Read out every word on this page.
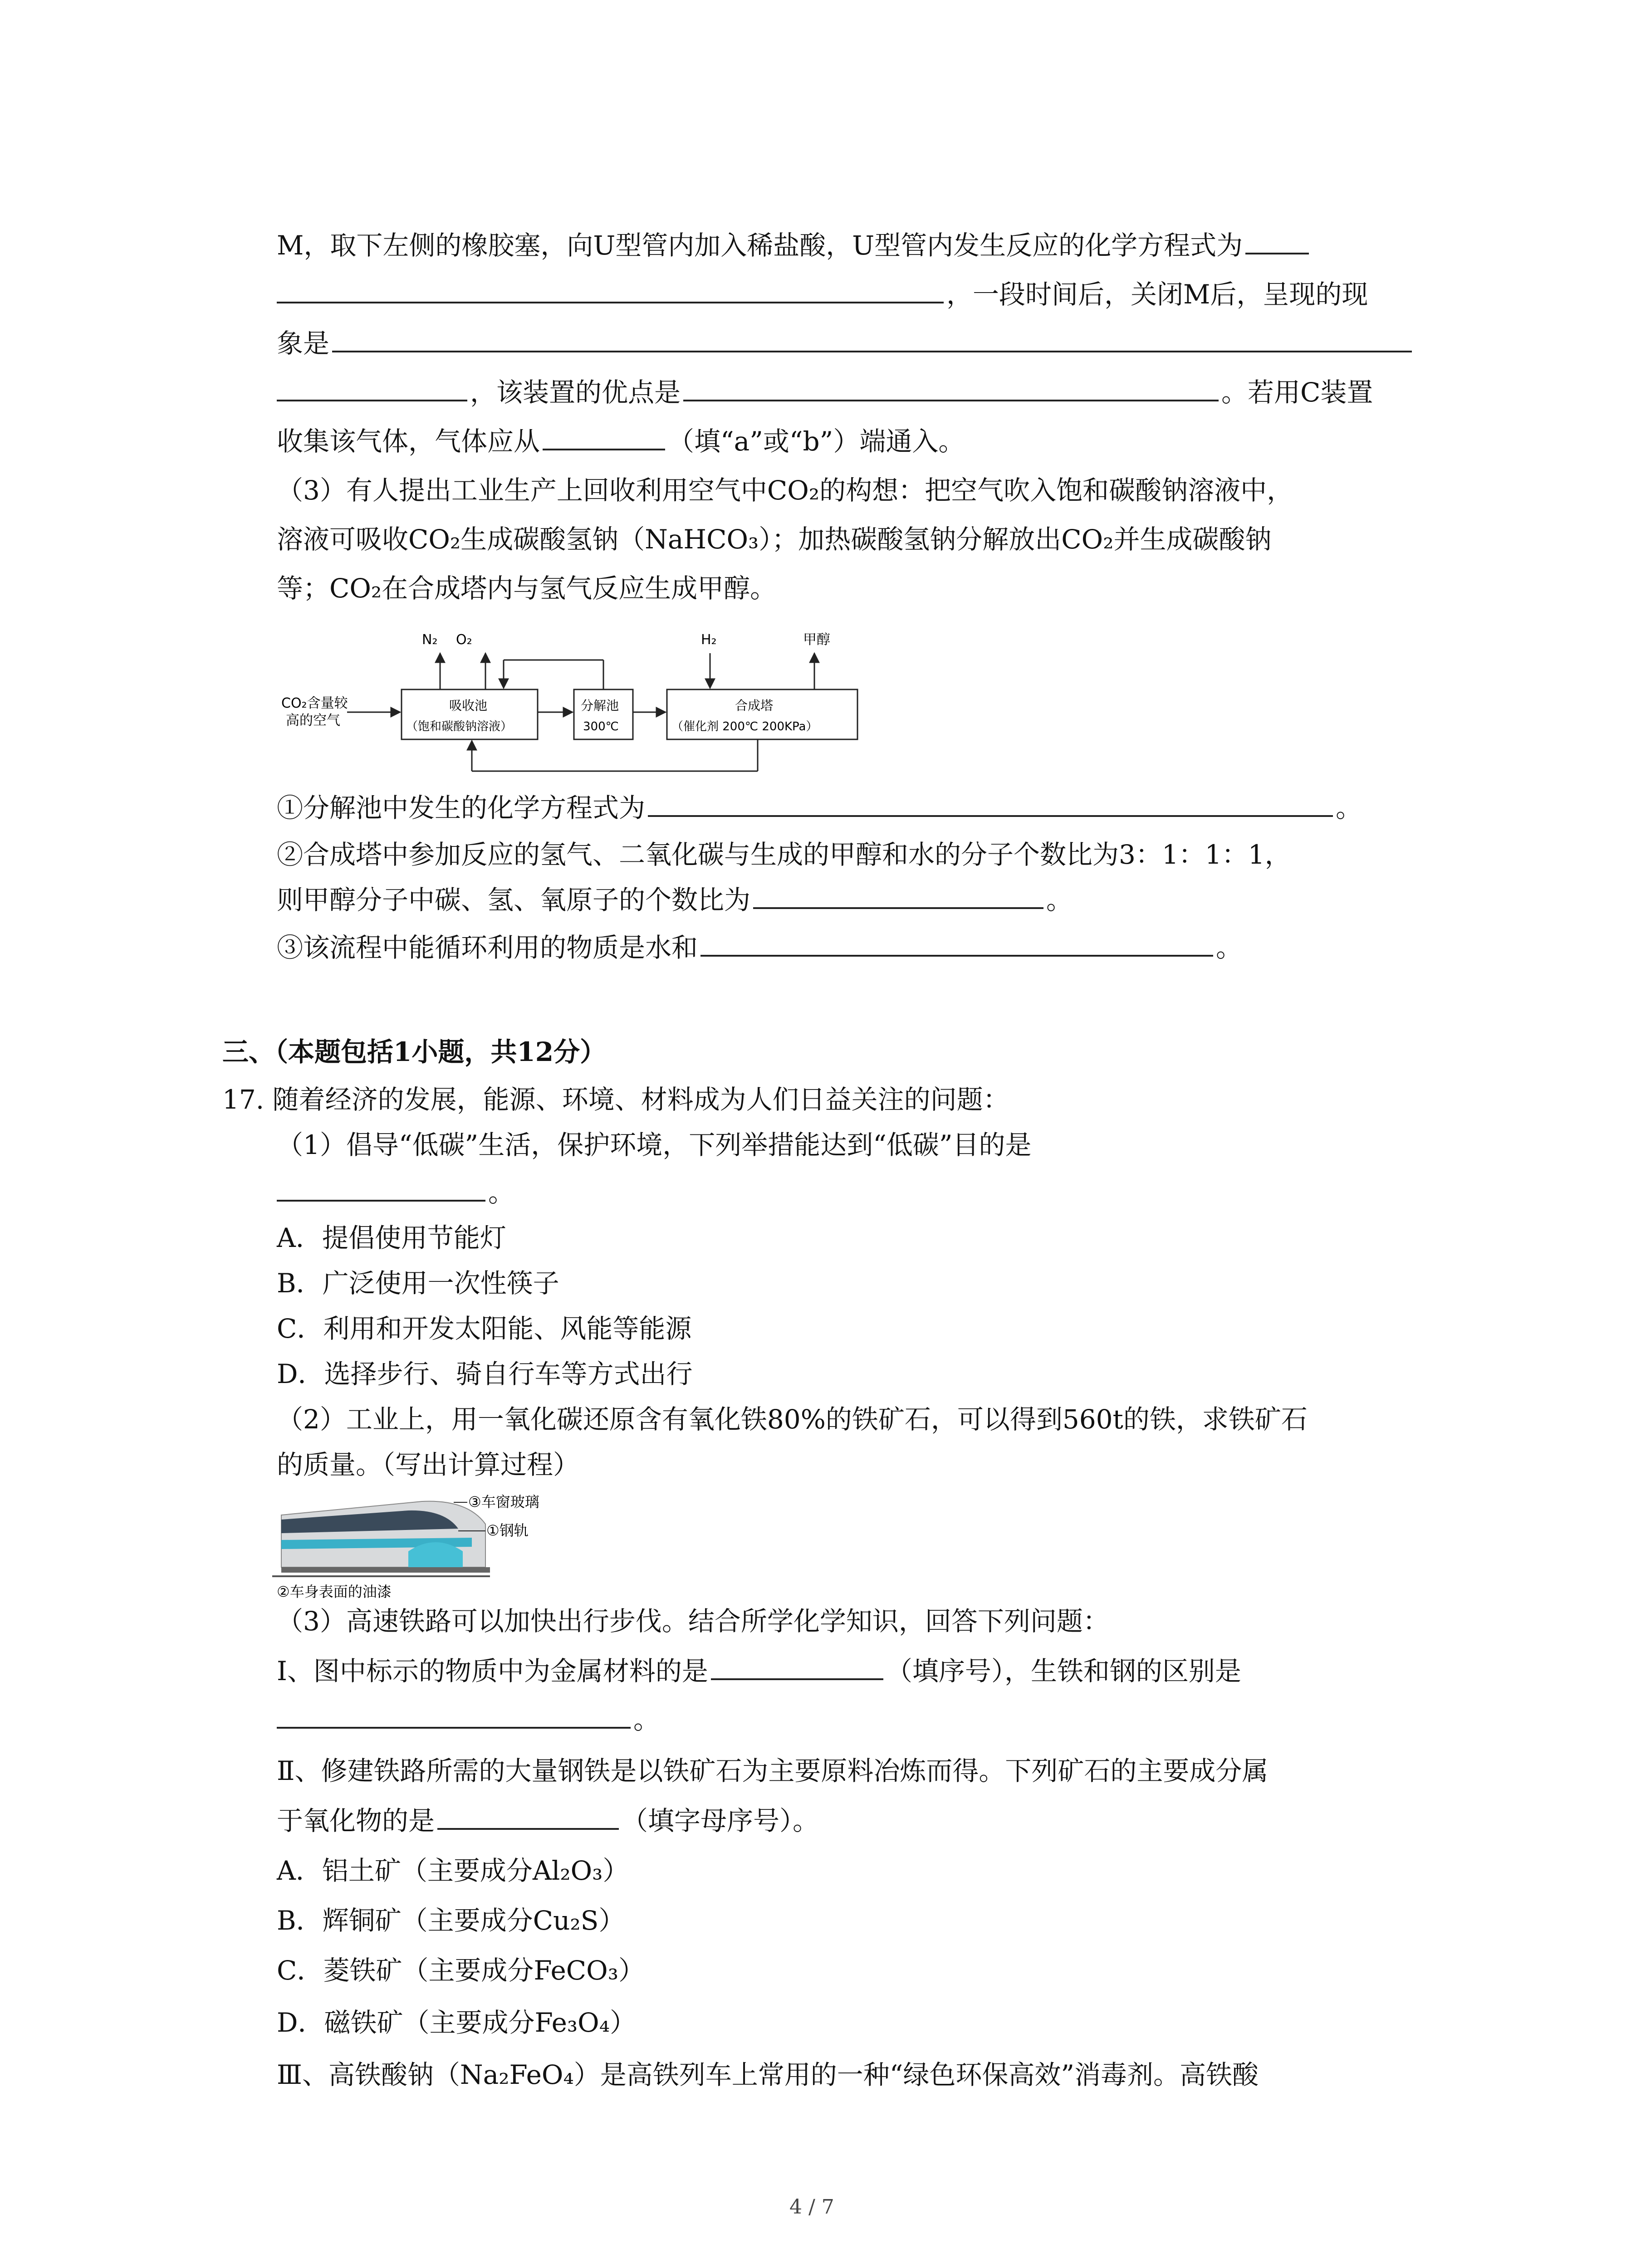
M，取下左侧的橡胶塞，向U型管内加入稀盐酸，U型管内发生反应的化学方程式为
，一段时间后，关闭M后，呈现的现
象是
，该装置的优点是	。若用C装置
收集该气体，气体应从	（填“a”或“b”）端通入。
（3）有人提出工业生产上回收利用空气中CO₂的构想：把空气吹入饱和碳酸钠溶液中，
溶液可吸收CO₂生成碳酸氢钠（NaHCO₃）；加热碳酸氢钠分解放出CO₂并生成碳酸钠
等；CO₂在合成塔内与氢气反应生成甲醇。
N₂ O₂	H₂	甲醇
CO₂含量较
高的空气
吸收池
（饱和碳酸钠溶液）
分解池
300℃
合成塔
（催化剂 200℃ 200KPa）
①分解池中发生的化学方程式为	。
②合成塔中参加反应的氢气、二氧化碳与生成的甲醇和水的分子个数比为3：1：1：1，
则甲醇分子中碳、氢、氧原子的个数比为	。
③该流程中能循环利用的物质是水和	。
三、（本题包括1小题，共12分）
17. 随着经济的发展，能源、环境、材料成为人们日益关注的问题：
（1）倡导“低碳”生活，保护环境，下列举措能达到“低碳”目的是
。
A．提倡使用节能灯
B．广泛使用一次性筷子
C．利用和开发太阳能、风能等能源
D．选择步行、骑自行车等方式出行
（2）工业上，用一氧化碳还原含有氧化铁80%的铁矿石，可以得到560t的铁，求铁矿石
的质量。（写出计算过程）
③车窗玻璃
①钢轨
②车身表面的油漆
（3）高速铁路可以加快出行步伐。结合所学化学知识，回答下列问题：
I、图中标示的物质中为金属材料的是	（填序号），生铁和钢的区别是
。
Ⅱ、修建铁路所需的大量钢铁是以铁矿石为主要原料冶炼而得。下列矿石的主要成分属
于氧化物的是	（填字母序号）。
A．铝土矿（主要成分Al₂O₃）
B．辉铜矿（主要成分Cu₂S）
C．菱铁矿（主要成分FeCO₃）
D．磁铁矿（主要成分Fe₃O₄）
Ⅲ、高铁酸钠（Na₂FeO₄）是高铁列车上常用的一种“绿色环保高效”消毒剂。高铁酸
4 / 7
